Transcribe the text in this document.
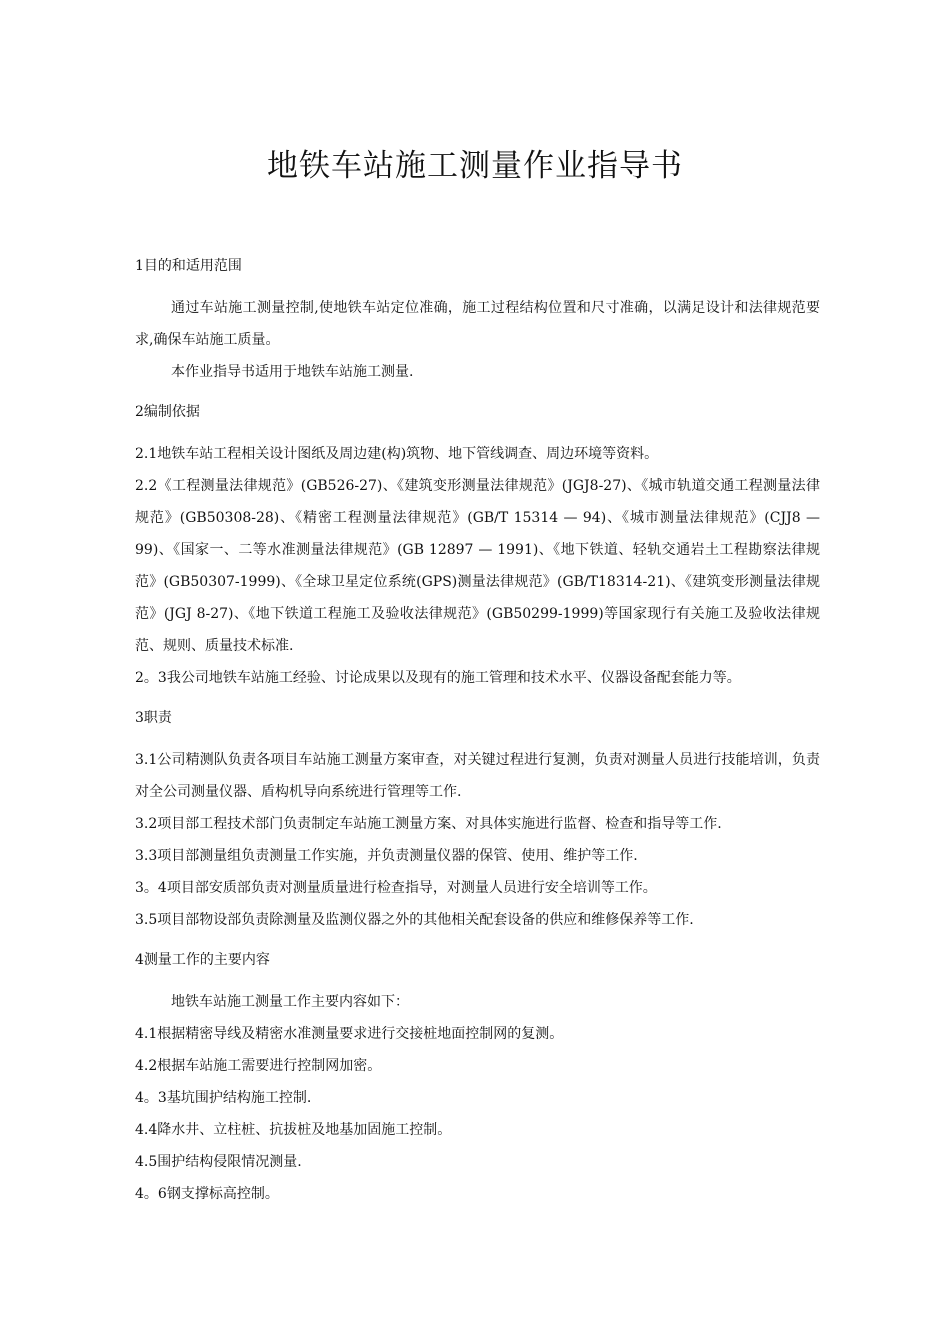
地铁车站施工测量作业指导书

1目的和适用范围

通过车站施工测量控制,使地铁车站定位准确，施工过程结构位置和尺寸准确，以满足设计和法律规范要求,确保车站施工质量。

本作业指导书适用于地铁车站施工测量.

2编制依据

2.1地铁车站工程相关设计图纸及周边建(构)筑物、地下管线调查、周边环境等资料。

2.2《工程测量法律规范》(GB526-27)、《建筑变形测量法律规范》(JGJ8-27)、《城市轨道交通工程测量法律规范》(GB50308-28)、《精密工程测量法律规范》(GB/T 15314 — 94)、《城市测量法律规范》(CJJ8 — 99)、《国家一、二等水准测量法律规范》(GB 12897 — 1991)、《地下铁道、轻轨交通岩土工程勘察法律规范》(GB50307-1999)、《全球卫星定位系统(GPS)测量法律规范》(GB/T18314-21)、《建筑变形测量法律规范》(JGJ 8-27)、《地下铁道工程施工及验收法律规范》(GB50299-1999)等国家现行有关施工及验收法律规范、规则、质量技术标准.

2。3我公司地铁车站施工经验、讨论成果以及现有的施工管理和技术水平、仪器设备配套能力等。

3职责

3.1公司精测队负责各项目车站施工测量方案审查，对关键过程进行复测，负责对测量人员进行技能培训，负责对全公司测量仪器、盾构机导向系统进行管理等工作.

3.2项目部工程技术部门负责制定车站施工测量方案、对具体实施进行监督、检查和指导等工作.

3.3项目部测量组负责测量工作实施，并负责测量仪器的保管、使用、维护等工作.

3。4项目部安质部负责对测量质量进行检查指导，对测量人员进行安全培训等工作。

3.5项目部物设部负责除测量及监测仪器之外的其他相关配套设备的供应和维修保养等工作.

4测量工作的主要内容

地铁车站施工测量工作主要内容如下：

4.1根据精密导线及精密水准测量要求进行交接桩地面控制网的复测。

4.2根据车站施工需要进行控制网加密。

4。3基坑围护结构施工控制.

4.4降水井、立柱桩、抗拔桩及地基加固施工控制。

4.5围护结构侵限情况测量.

4。6钢支撑标高控制。
